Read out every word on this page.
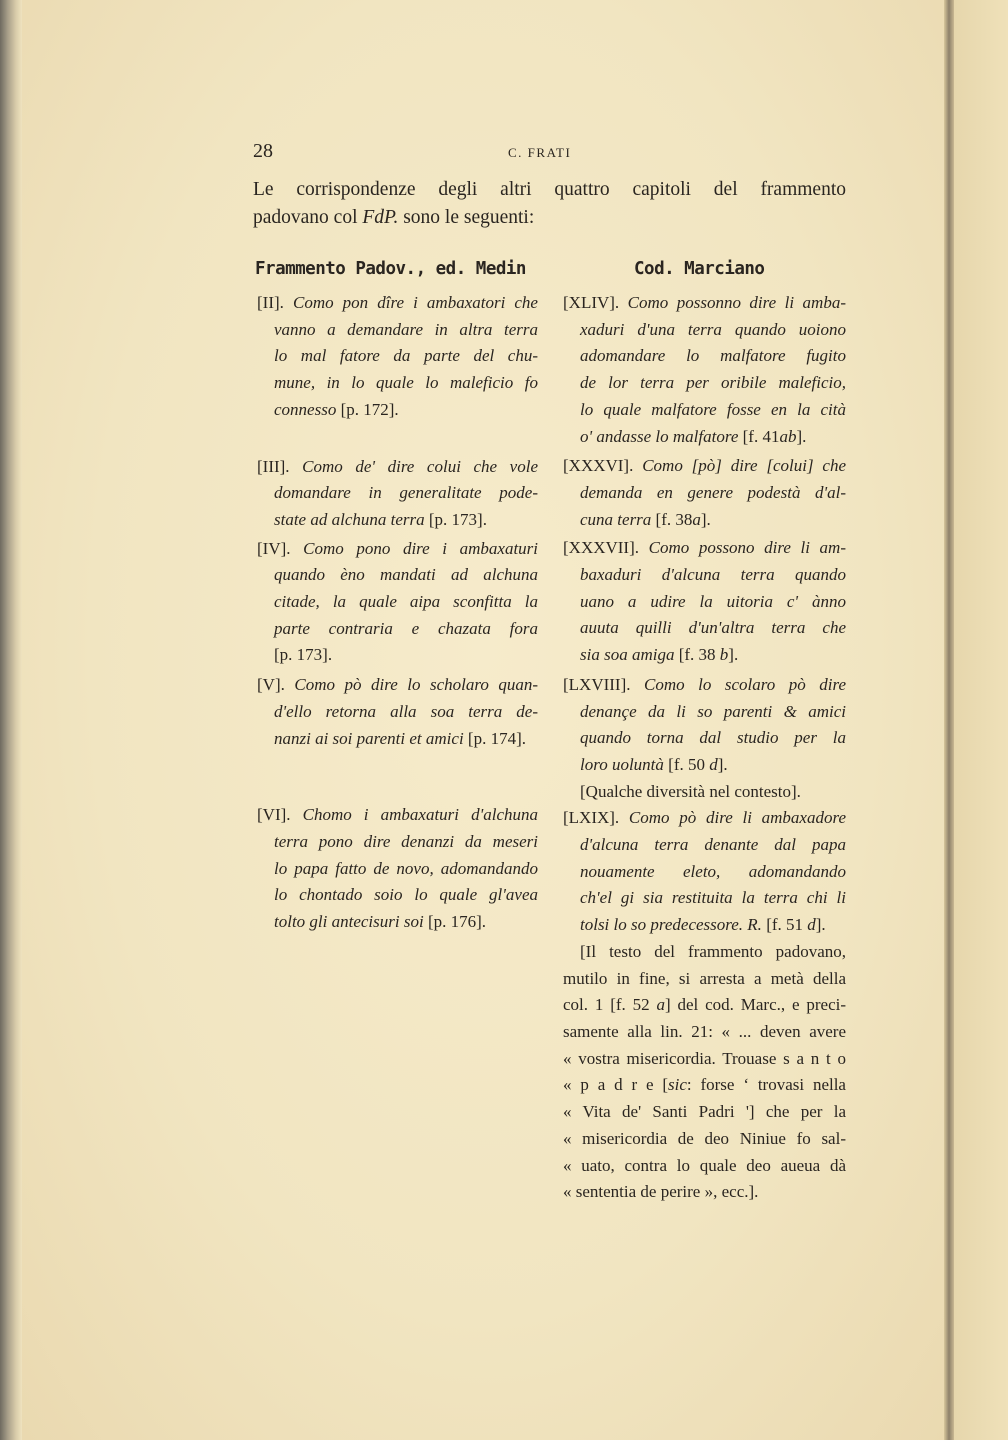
28	C. FRATI
Le corrispondenze degli altri quattro capitoli del frammento
padovano col FdP. sono le seguenti:
Frammento Padov., ed. Medin	Cod. Marciano
[II]. Como pon dîre i ambaxatori che
vanno a demandare in altra terra
lo mal fatore da parte del chu-
mune, in lo quale lo maleficio fo
connesso [p. 172].
[III]. Como de' dire colui che vole
domandare in generalitate pode-
state ad alchuna terra [p. 173].
[IV]. Como pono dire i ambaxaturi
quando èno mandati ad alchuna
citade, la quale aipa sconfitta la
parte contraria e chazata fora
[p. 173].
[V]. Como pò dire lo scholaro quan-
d'ello retorna alla soa terra de-
nanzi ai soi parenti et amici [p. 174].
[VI]. Chomo i ambaxaturi d'alchuna
terra pono dire denanzi da meseri
lo papa fatto de novo, adomandando
lo chontado soio lo quale gl'avea
tolto gli antecisuri soi [p. 176].
[XLIV]. Como possonno dire li amba-
xaduri d'una terra quando uoiono
adomandare lo malfatore fugito
de lor terra per oribile maleficio,
lo quale malfatore fosse en la cità
o' andasse lo malfatore [f. 41ab].
[XXXVI]. Como [pò] dire [colui] che
demanda en genere podestà d'al-
cuna terra [f. 38a].
[XXXVII]. Como possono dire li am-
baxaduri d'alcuna terra quando
uano a udire la uitoria c' ànno
auuta quilli d'un'altra terra che
sia soa amiga [f. 38 b].
[LXVIII]. Como lo scolaro pò dire
denançe da li so parenti & amici
quando torna dal studio per la
loro uoluntà [f. 50 d].
[Qualche diversità nel contesto].
[LXIX]. Como pò dire li ambaxadore
d'alcuna terra denante dal papa
nouamente eleto, adomandando
ch'el gi sia restituita la terra chi li
tolsi lo so predecessore. R. [f. 51 d].
[Il testo del frammento padovano,
mutilo in fine, si arresta a metà della
col. 1 [f. 52 a] del cod. Marc., e preci-
samente alla lin. 21: « ... deven avere
« vostra misericordia. Trouase s a n t o
« p a d r e [sic: forse ‘ trovasi nella
« Vita de' Santi Padri '] che per la
« misericordia de deo Niniue fo sal-
« uato, contra lo quale deo aueua dà
« sententia de perire », ecc.].
